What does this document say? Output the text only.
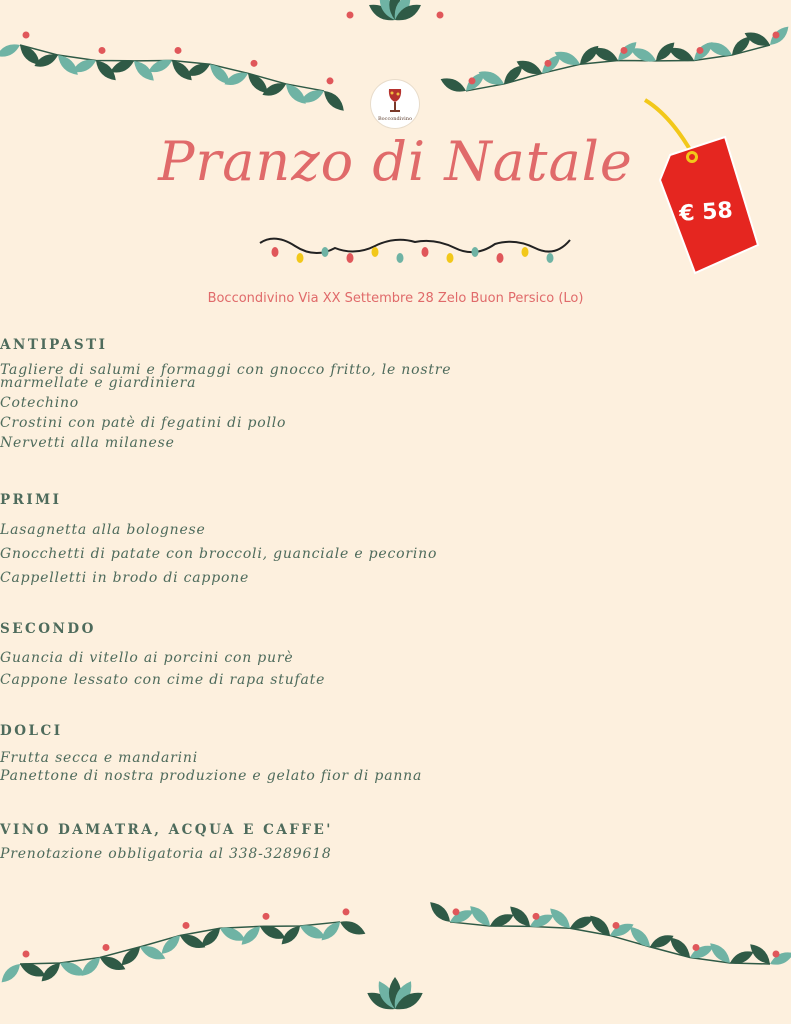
Boccondivino
Pranzo di Natale
€ 58
Boccondivino Via XX Settembre 28 Zelo Buon Persico (Lo)
ANTIPASTI
Tagliere di salumi e formaggi con gnocco fritto, le nostre
marmellate e giardiniera
Cotechino
Crostini con patè di fegatini di pollo
Nervetti alla milanese
PRIMI
Lasagnetta alla bolognese
Gnocchetti di patate con broccoli, guanciale e pecorino
Cappelletti in brodo di cappone
SECONDO
Guancia di vitello ai porcini con purè
Cappone lessato con cime di rapa stufate
DOLCI
Frutta secca e mandarini
Panettone di nostra produzione e gelato fior di panna
VINO DAMATRA, ACQUA E CAFFE'
Prenotazione obbligatoria al 338-3289618
